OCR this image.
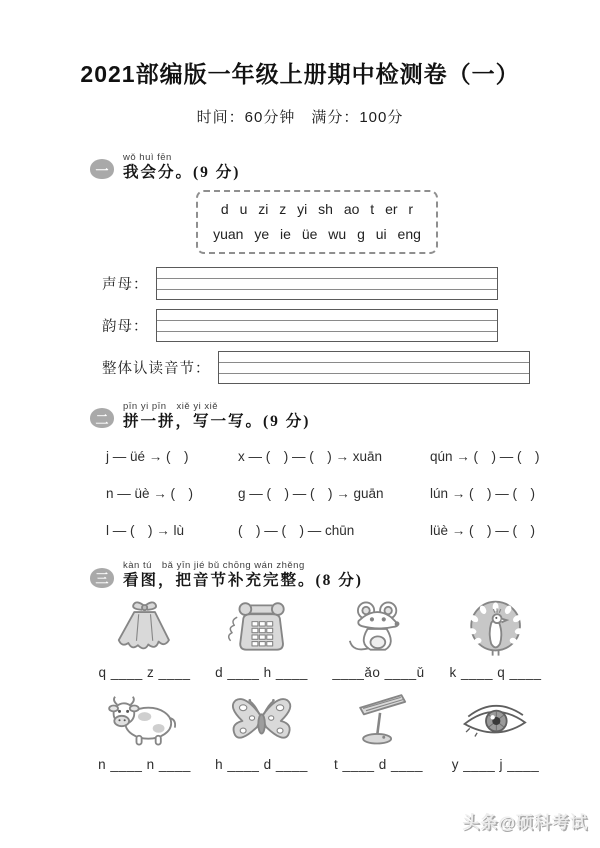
2021部编版一年级上册期中检测卷（一）
时间：60分钟　满分：100分
一
wǒ huì fēn
我会分。(9 分)
d u zi z yi sh ao t er r
yuan ye ie üe wu g ui eng
声母：
韵母：
整体认读音节：
二
pīn yi pīn　xiě yi xiě
拼一拼，写一写。(9 分)
j — üé → (　)	x — (　) — (　) → xuān	qún → (　) — (　)
n — üè → (　)	g — (　) — (　) → guān	lún → (　) — (　)
l — (　) → lù	(　) — (　) — chūn	lüè → (　) — (　)
三
kàn tú　bǎ yīn jié bǔ chōng wán zhěng
看图，把音节补充完整。(8 分)
q ____ z ____	d ____ h ____	____ǎo ____ǔ	k ____ q ____
n ____ n ____	h ____ d ____	t ____ d ____	y ____ j ____
头条@硕科考试
